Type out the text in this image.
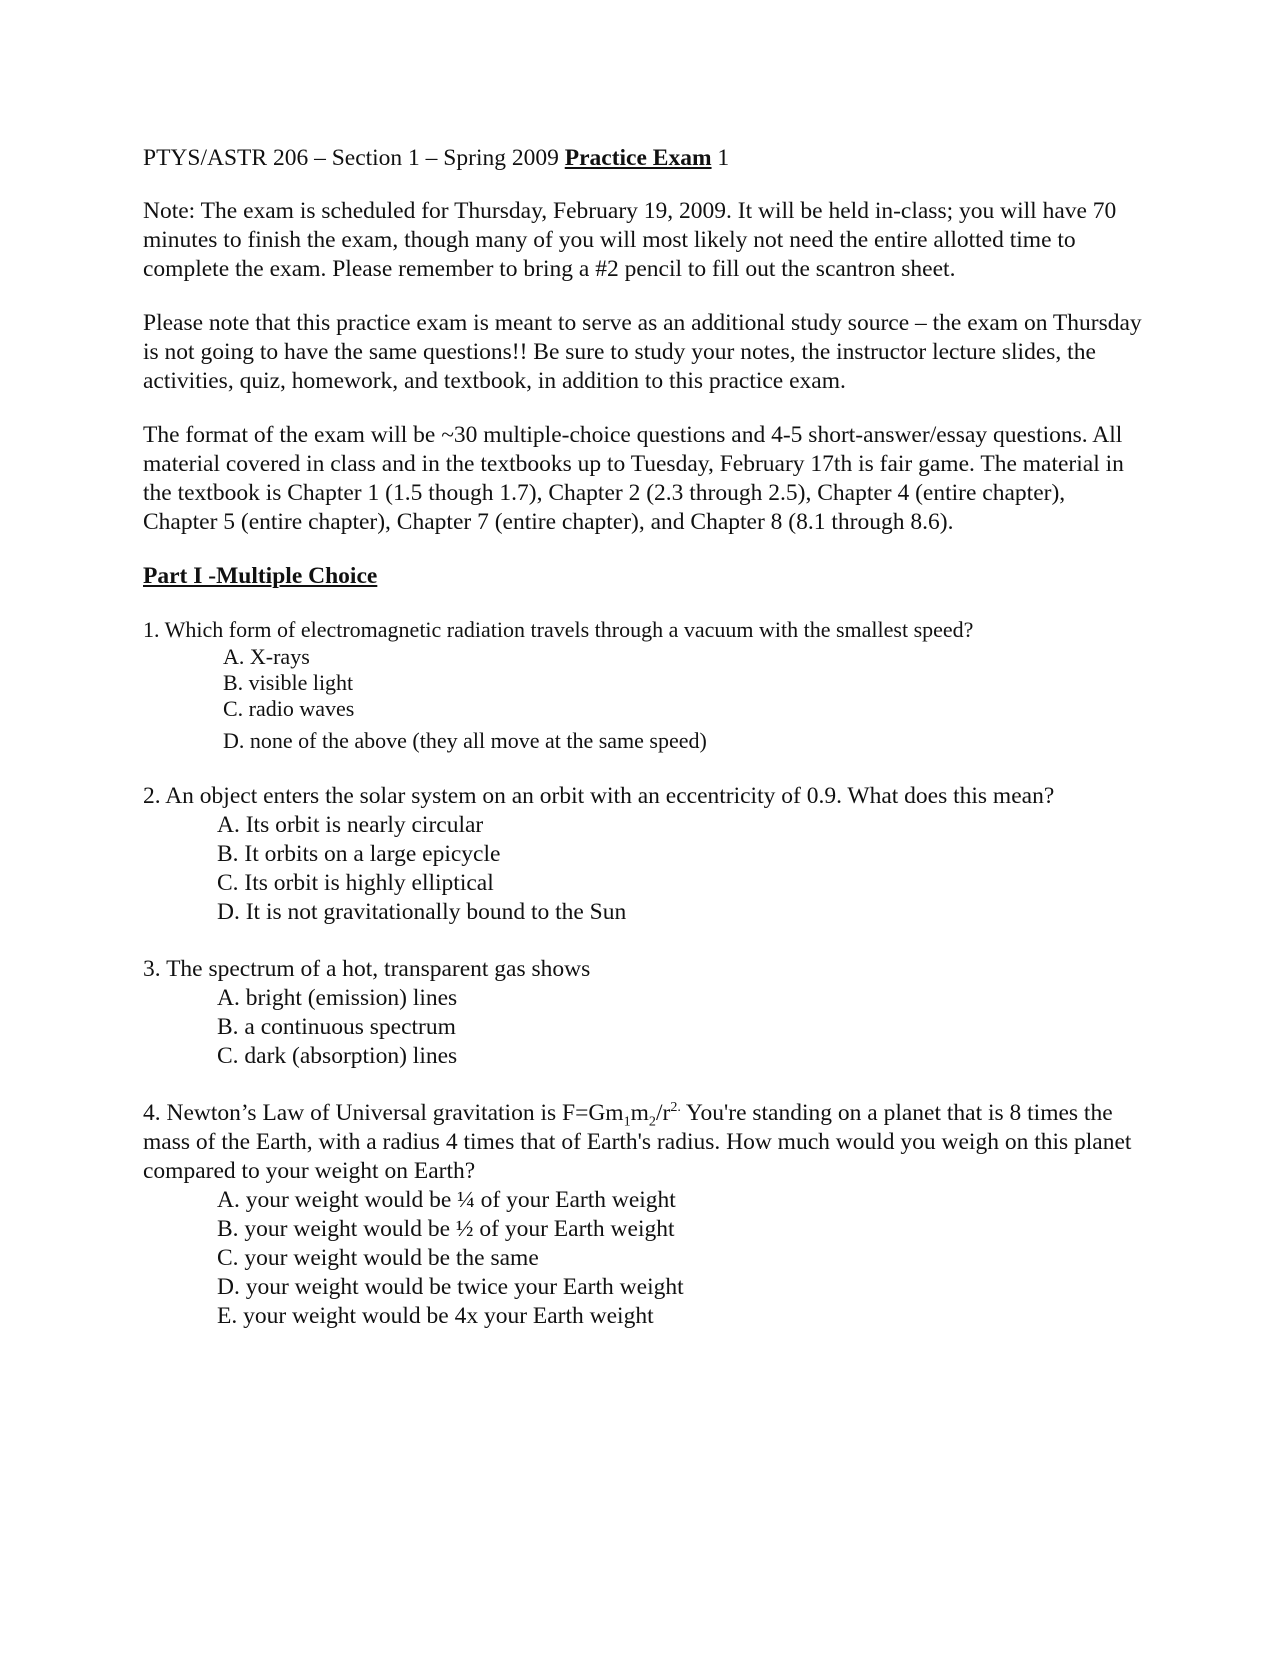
PTYS/ASTR 206 – Section 1 – Spring 2009 Practice Exam 1

Note: The exam is scheduled for Thursday, February 19, 2009. It will be held in-class; you will have 70 minutes to finish the exam, though many of you will most likely not need the entire allotted time to complete the exam. Please remember to bring a #2 pencil to fill out the scantron sheet.

Please note that this practice exam is meant to serve as an additional study source – the exam on Thursday is not going to have the same questions!! Be sure to study your notes, the instructor lecture slides, the activities, quiz, homework, and textbook, in addition to this practice exam.

The format of the exam will be ~30 multiple-choice questions and 4-5 short-answer/essay questions. All material covered in class and in the textbooks up to Tuesday, February 17th is fair game. The material in the textbook is Chapter 1 (1.5 though 1.7), Chapter 2 (2.3 through 2.5), Chapter 4 (entire chapter), Chapter 5 (entire chapter), Chapter 7 (entire chapter), and Chapter 8 (8.1 through 8.6).

Part I -Multiple Choice

1. Which form of electromagnetic radiation travels through a vacuum with the smallest speed?

A. X-rays
B. visible light
C. radio waves
D. none of the above (they all move at the same speed)

2. An object enters the solar system on an orbit with an eccentricity of 0.9. What does this mean?

A. Its orbit is nearly circular
B. It orbits on a large epicycle
C. Its orbit is highly elliptical
D. It is not gravitationally bound to the Sun

3. The spectrum of a hot, transparent gas shows

A. bright (emission) lines
B. a continuous spectrum
C. dark (absorption) lines

4. Newton’s Law of Universal gravitation is $F=Gm_1m_2/r^{2.}$ You're standing on a planet that is 8 times the mass of the Earth, with a radius 4 times that of Earth's radius. How much would you weigh on this planet compared to your weight on Earth?

A. your weight would be ¼ of your Earth weight
B. your weight would be ½ of your Earth weight
C. your weight would be the same
D. your weight would be twice your Earth weight
E. your weight would be 4x your Earth weight
